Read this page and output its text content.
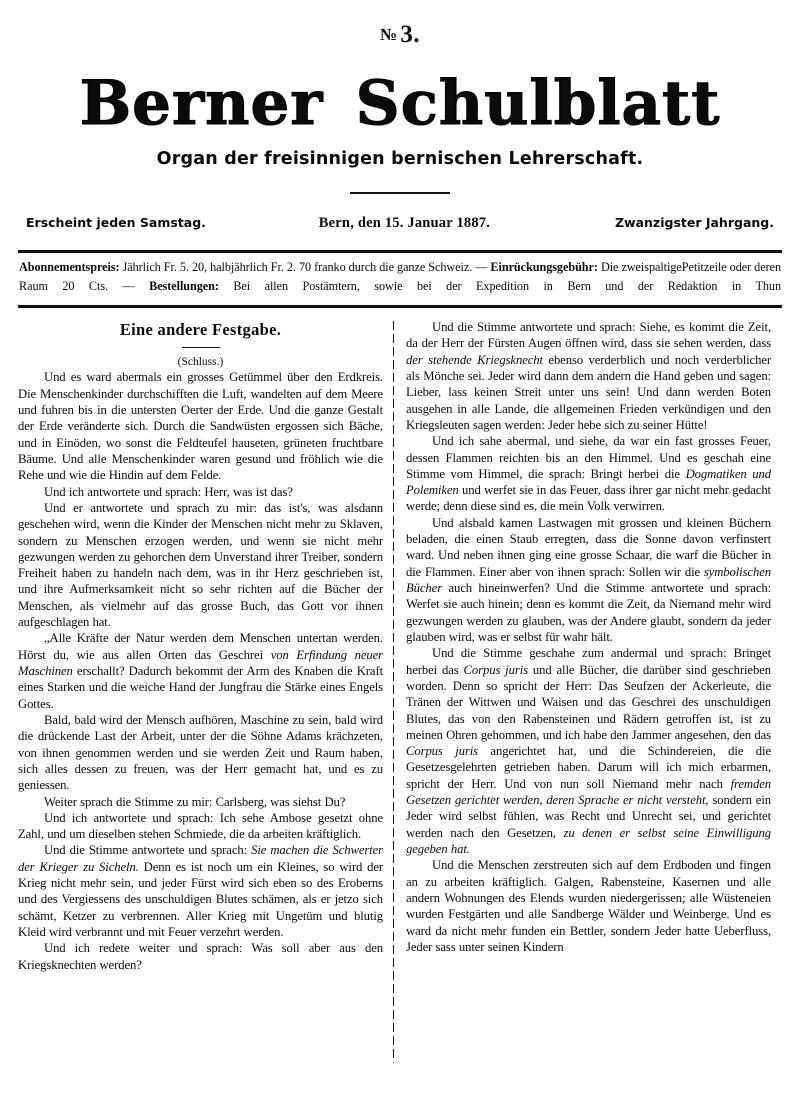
№ 3.
Berner Schulblatt
Organ der freisinnigen bernischen Lehrerschaft.
Erscheint jeden Samstag.	Bern, den 15. Januar 1887.	Zwanzigster Jahrgang.
Abonnementspreis: Jährlich Fr. 5. 20, halbjährlich Fr. 2. 70 franko durch die ganze Schweiz. — Einrückungsgebühr: Die zweispaltigePetitzeile oder deren Raum 20 Cts. — Bestellungen: Bei allen Postämtern, sowie bei der Expedition in Bern und der Redaktion in Thun
Eine andere Festgabe.
(Schluss.)

Und es ward abermals ein grosses Getümmel über den Erdkreis. Die Menschenkinder durchschifften die Luft, wandelten auf dem Meere und fuhren bis in die untersten Oerter der Erde. Und die ganze Gestalt der Erde veränderte sich. Durch die Sandwüsten ergossen sich Bäche, und in Einöden, wo sonst die Feldteufel hauseten, grüneten fruchtbare Bäume. Und alle Menschenkinder waren gesund und fröhlich wie die Rehe und wie die Hindin auf dem Felde.

Und ich antwortete und sprach: Herr, was ist das?

Und er antwortete und sprach zu mir: das ist's, was alsdann geschehen wird, wenn die Kinder der Menschen nicht mehr zu Sklaven, sondern zu Menschen erzogen werden, und wenn sie nicht mehr gezwungen werden zu gehorchen dem Unverstand ihrer Treiber, sondern Freiheit haben zu handeln nach dem, was in ihr Herz geschrieben ist, und ihre Aufmerksamkeit nicht so sehr richten auf die Bücher der Menschen, als vielmehr auf das grosse Buch, das Gott vor ihnen aufgeschlagen hat.

„Alle Kräfte der Natur werden dem Menschen untertan werden. Hörst du, wie aus allen Orten das Geschrei von Erfindung neuer Maschinen erschallt? Dadurch bekommt der Arm des Knaben die Kraft eines Starken und die weiche Hand der Jungfrau die Stärke eines Engels Gottes.

Bald, bald wird der Mensch aufhören, Maschine zu sein, bald wird die drückende Last der Arbeit, unter der die Söhne Adams krächzeten, von ihnen genommen werden und sie werden Zeit und Raum haben, sich alles dessen zu freuen, was der Herr gemacht hat, und es zu geniessen.

Weiter sprach die Stimme zu mir: Carlsberg, was siehst Du?

Und ich antwortete und sprach: Ich sehe Ambose gesetzt ohne Zahl, und um dieselben stehen Schmiede, die da arbeiten kräftiglich.

Und die Stimme antwortete und sprach: Sie machen die Schwerter der Krieger zu Sicheln. Denn es ist noch um ein Kleines, so wird der Krieg nicht mehr sein, und jeder Fürst wird sich eben so des Eroberns und des Vergiessens des unschuldigen Blutes schämen, als er jetzo sich schämt, Ketzer zu verbrennen. Aller Krieg mit Ungetüm und blutig Kleid wird verbrannt und mit Feuer verzehrt werden.

Und ich redete weiter und sprach: Was soll aber aus den Kriegsknechten werden?

Und die Stimme antwortete und sprach: Siehe, es kommt die Zeit, da der Herr der Fürsten Augen öffnen wird, dass sie sehen werden, dass der stehende Kriegsknecht ebenso verderblich und noch verderblicher als Mönche sei. Jeder wird dann dem andern die Hand geben und sagen: Lieber, lass keinen Streit unter uns sein! Und dann werden Boten ausgehen in alle Lande, die allgemeinen Frieden verkündigen und den Kriegsleuten sagen werden: Jeder hebe sich zu seiner Hütte!

Und ich sahe abermal, und siehe, da war ein fast grosses Feuer, dessen Flammen reichten bis an den Himmel. Und es geschah eine Stimme vom Himmel, die sprach: Bringt herbei die Dogmatiken und Polemiken und werfet sie in das Feuer, dass ihrer gar nicht mehr gedacht werde; denn diese sind es, die mein Volk verwirren.

Und alsbald kamen Lastwagen mit grossen und kleinen Büchern beladen, die einen Staub erregten, dass die Sonne davon verfinstert ward. Und neben ihnen ging eine grosse Schaar, die warf die Bücher in die Flammen. Einer aber von ihnen sprach: Sollen wir die symbolischen Bücher auch hineinwerfen? Und die Stimme antwortete und sprach: Werfet sie auch hinein; denn es kommt die Zeit, da Niemand mehr wird gezwungen werden zu glauben, was der Andere glaubt, sondern da jeder glauben wird, was er selbst für wahr hält.

Und die Stimme geschahe zum andermal und sprach: Bringet herbei das Corpus juris und alle Bücher, die darüber sind geschrieben worden. Denn so spricht der Herr: Das Seufzen der Ackerleute, die Tränen der Wittwen und Waisen und das Geschrei des unschuldigen Blutes, das von den Rabensteinen und Rädern getroffen ist, ist zu meinen Ohren gehommen, und ich habe den Jammer angesehen, den das Corpus juris angerichtet hat, und die Schindereien, die die Gesetzesgelehrten getrieben haben. Darum will ich mich erbarmen, spricht der Herr. Und von nun soll Niemand mehr nach fremden Gesetzen gerichtet werden, deren Sprache er nicht versteht, sondern ein Jeder wird selbst fühlen, was Recht und Unrecht sei, und gerichtet werden nach den Gesetzen, zu denen er selbst seine Einwilligung gegeben hat.

Und die Menschen zerstreuten sich auf dem Erdboden und fingen an zu arbeiten kräftiglich. Galgen, Rabensteine, Kasernen und alle andern Wohnungen des Elends wurden niedergerissen; alle Wüsteneien wurden Festgärten und alle Sandberge Wälder und Weinberge. Und es ward da nicht mehr funden ein Bettler, sondern Jeder hatte Ueberfluss, Jeder sass unter seinen Kindern
